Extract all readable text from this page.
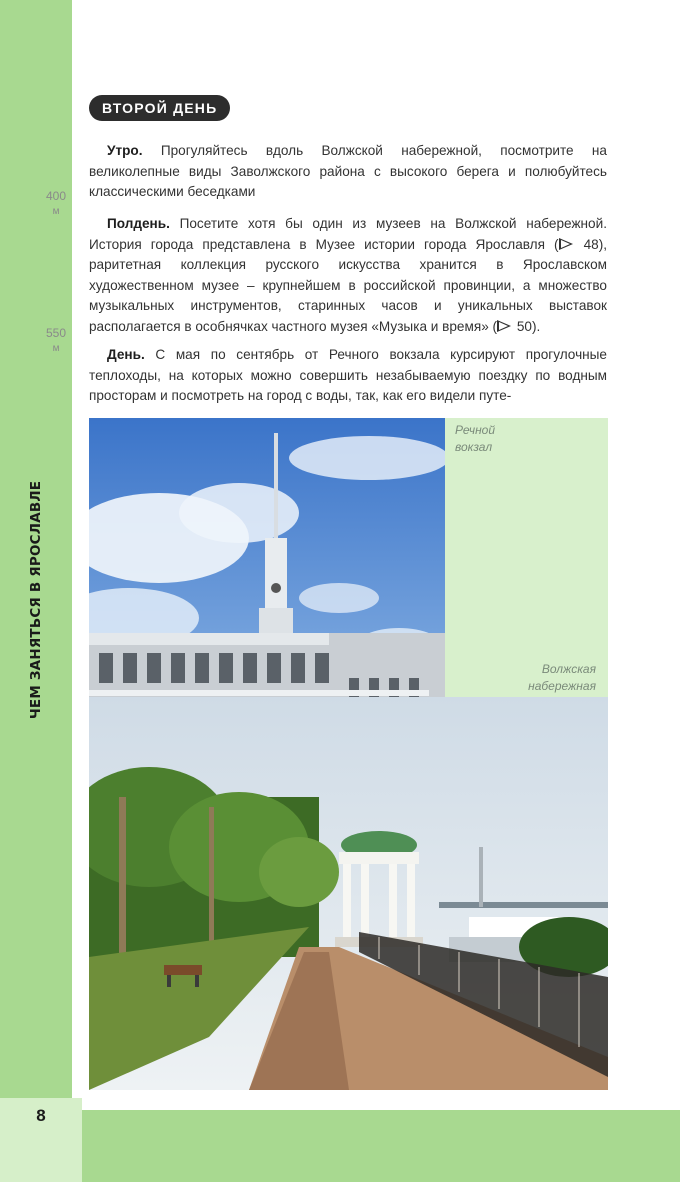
ЧЕМ ЗАНЯТЬСЯ В ЯРОСЛАВЛЕ
400
м
550
м
ВТОРОЙ ДЕНЬ

Утро. Прогуляйтесь вдоль Волжской набережной, посмотрите на великолепные виды Заволжского района с высокого берега и полюбуйтесь классическими беседками

Полдень. Посетите хотя бы один из музеев на Волжской набережной. История города представлена в Музее истории города Ярославля ( 48), раритетная коллекция русского искусства хранится в Ярославском художественном музее – крупнейшем в российской провинции, а множество музыкальных инструментов, старинных часов и уникальных выставок располагается в особнячках частного музея «Музыка и время» ( 50).

День. С мая по сентябрь от Речного вокзала курсируют прогулочные теплоходы, на которых можно совершить незабываемую поездку по водным просторам и посмотреть на город с воды, так, как его видели путе-

Речной вокзал
Волжская набережная
8
